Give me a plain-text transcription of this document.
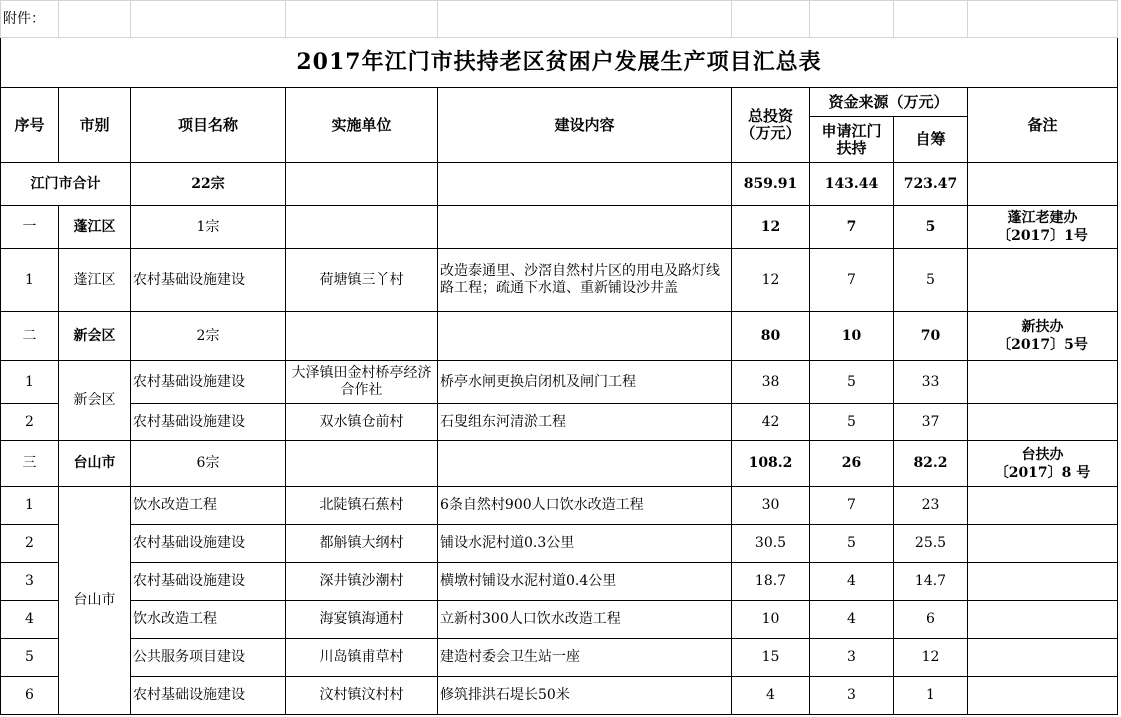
附件：								
2017年江门市扶持老区贫困户发展生产项目汇总表								
序号	市别	项目名称	实施单位	建设内容	总投资
（万元）	资金来源（万元）		备注

						申请江门
扶持	自筹	
江门市合计		22宗			859.91	143.44	723.47	
一	蓬江区	1宗			12	7	5	蓬江老建办
〔2017〕1号

1	蓬江区	农村基础设施建设	荷塘镇三丫村	改造泰通里、沙滘自然村片区的用电及路灯线路工程；疏通下水道、重新铺设沙井盖	12	7	5	
二	新会区	2宗			80	10	70	新扶办
〔2017〕5号

1	新会区	农村基础设施建设	大泽镇田金村桥亭经济合作社	桥亭水闸更换启闭机及闸门工程	38	5	33	
2		农村基础设施建设	双水镇仓前村	石叟组东河清淤工程	42	5	37	
三	台山市	6宗			108.2	26	82.2	台扶办
〔2017〕8 号

1	台山市	饮水改造工程	北陡镇石蕉村	6条自然村900人口饮水改造工程	30	7	23	
2		农村基础设施建设	都斛镇大纲村	铺设水泥村道0.3公里	30.5	5	25.5	
3		农村基础设施建设	深井镇沙潮村	横墩村铺设水泥村道0.4公里	18.7	4	14.7	
4		饮水改造工程	海宴镇海通村	立新村300人口饮水改造工程	10	4	6	
5		公共服务项目建设	川岛镇甫草村	建造村委会卫生站一座	15	3	12	
6		农村基础设施建设	汶村镇汶村村	修筑排洪石堤长50米	4	3	1	
